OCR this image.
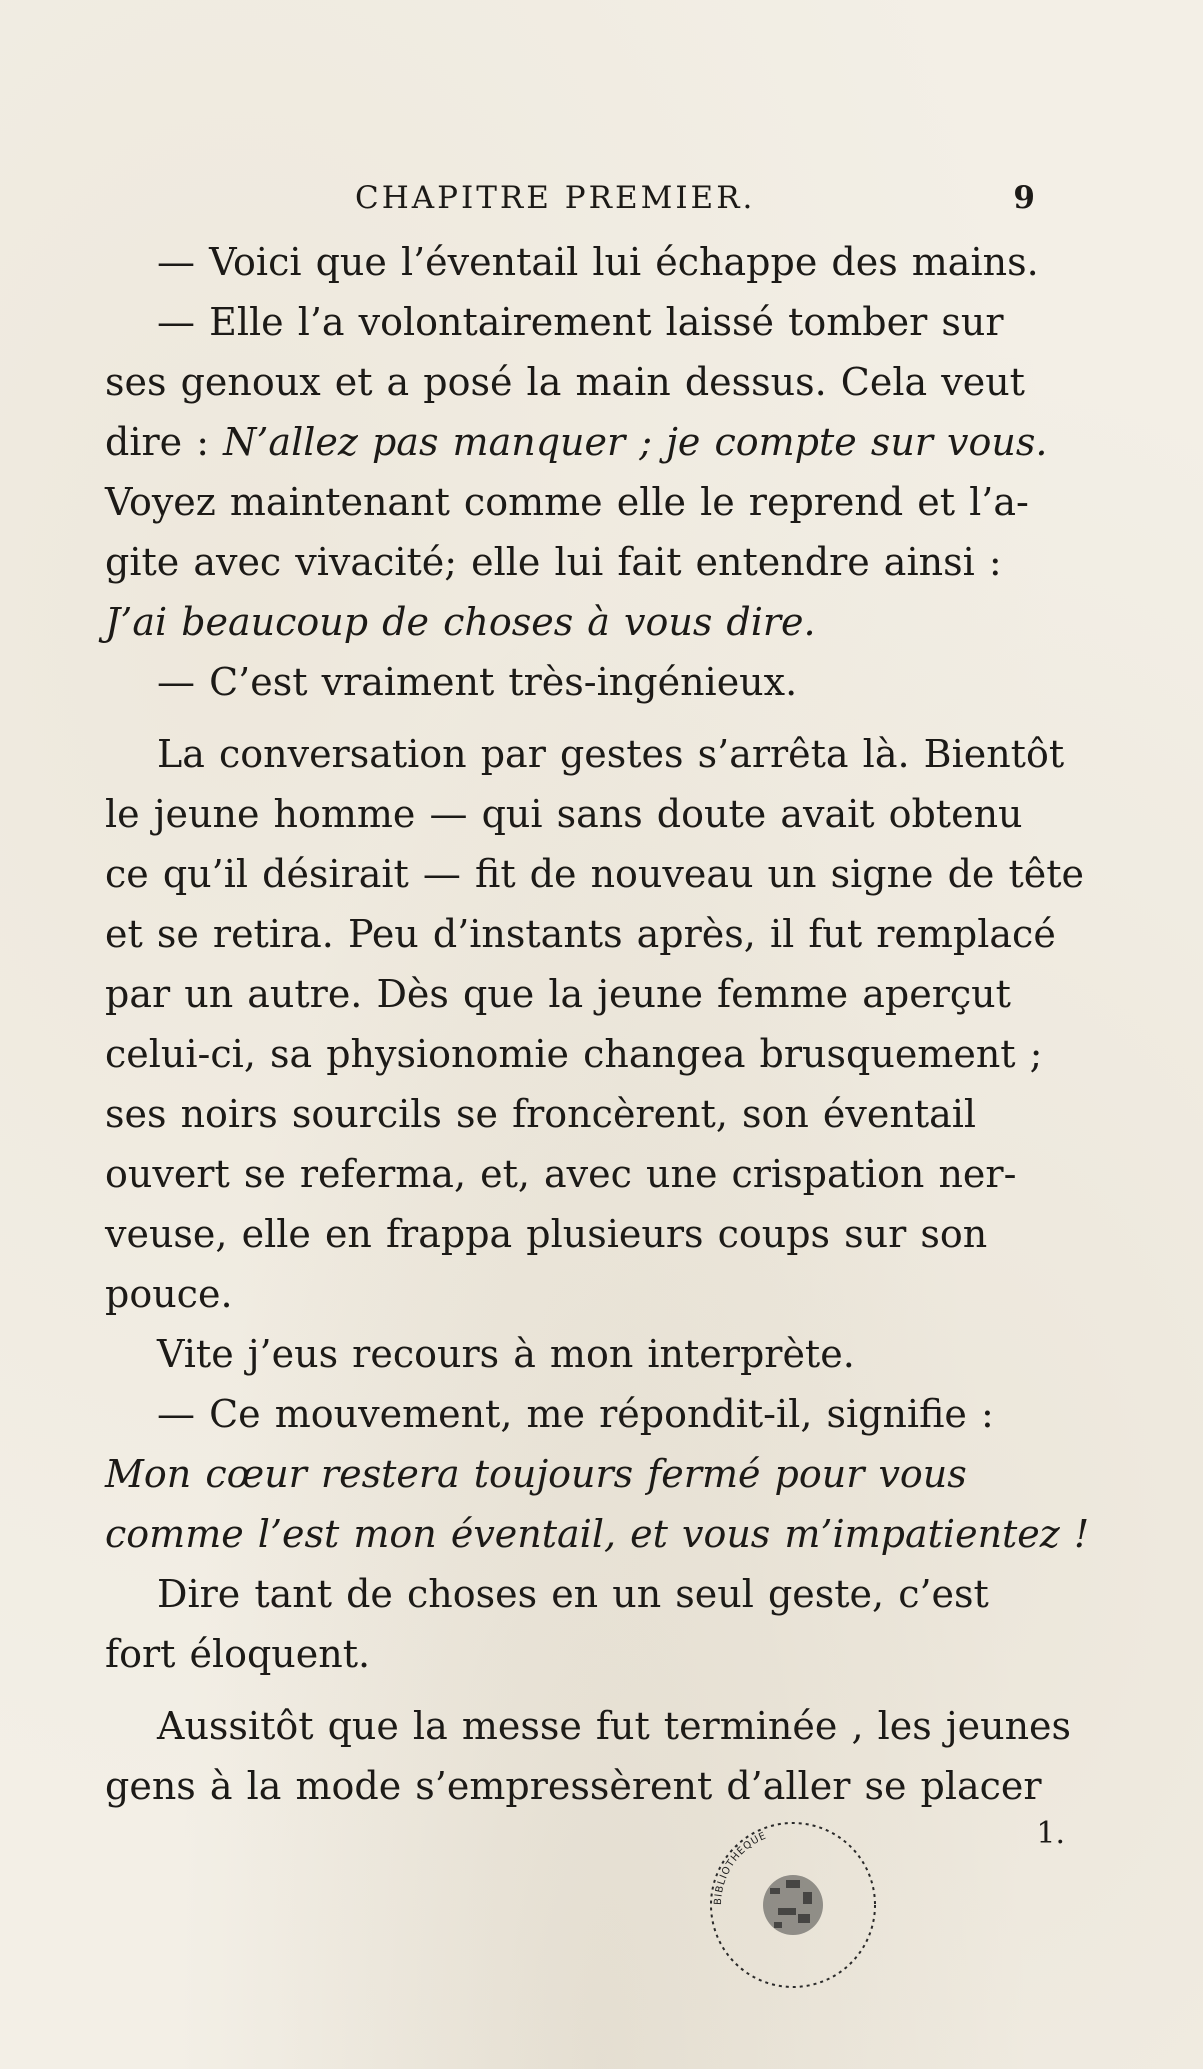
CHAPITRE PREMIER.	9
— Voici que l’éventail lui échappe des mains.
— Elle l’a volontairement laissé tomber sur
ses genoux et a posé la main dessus. Cela veut
dire : N’allez pas manquer ; je compte sur vous.
Voyez maintenant comme elle le reprend et l’a-
gite avec vivacité; elle lui fait entendre ainsi :
J’ai beaucoup de choses à vous dire.
— C’est vraiment très-ingénieux.
La conversation par gestes s’arrêta là. Bientôt
le jeune homme — qui sans doute avait obtenu
ce qu’il désirait — fit de nouveau un signe de tête
et se retira. Peu d’instants après, il fut remplacé
par un autre. Dès que la jeune femme aperçut
celui-ci, sa physionomie changea brusquement ;
ses noirs sourcils se froncèrent, son éventail
ouvert se referma, et, avec une crispation ner-
veuse, elle en frappa plusieurs coups sur son
pouce.
Vite j’eus recours à mon interprète.
— Ce mouvement, me répondit-il, signifie :
Mon cœur restera toujours fermé pour vous
comme l’est mon éventail, et vous m’impatientez !
Dire tant de choses en un seul geste, c’est
fort éloquent.
Aussitôt que la messe fut terminée , les jeunes
gens à la mode s’empressèrent d’aller se placer
1.
BIBLIOTHÈQUE
